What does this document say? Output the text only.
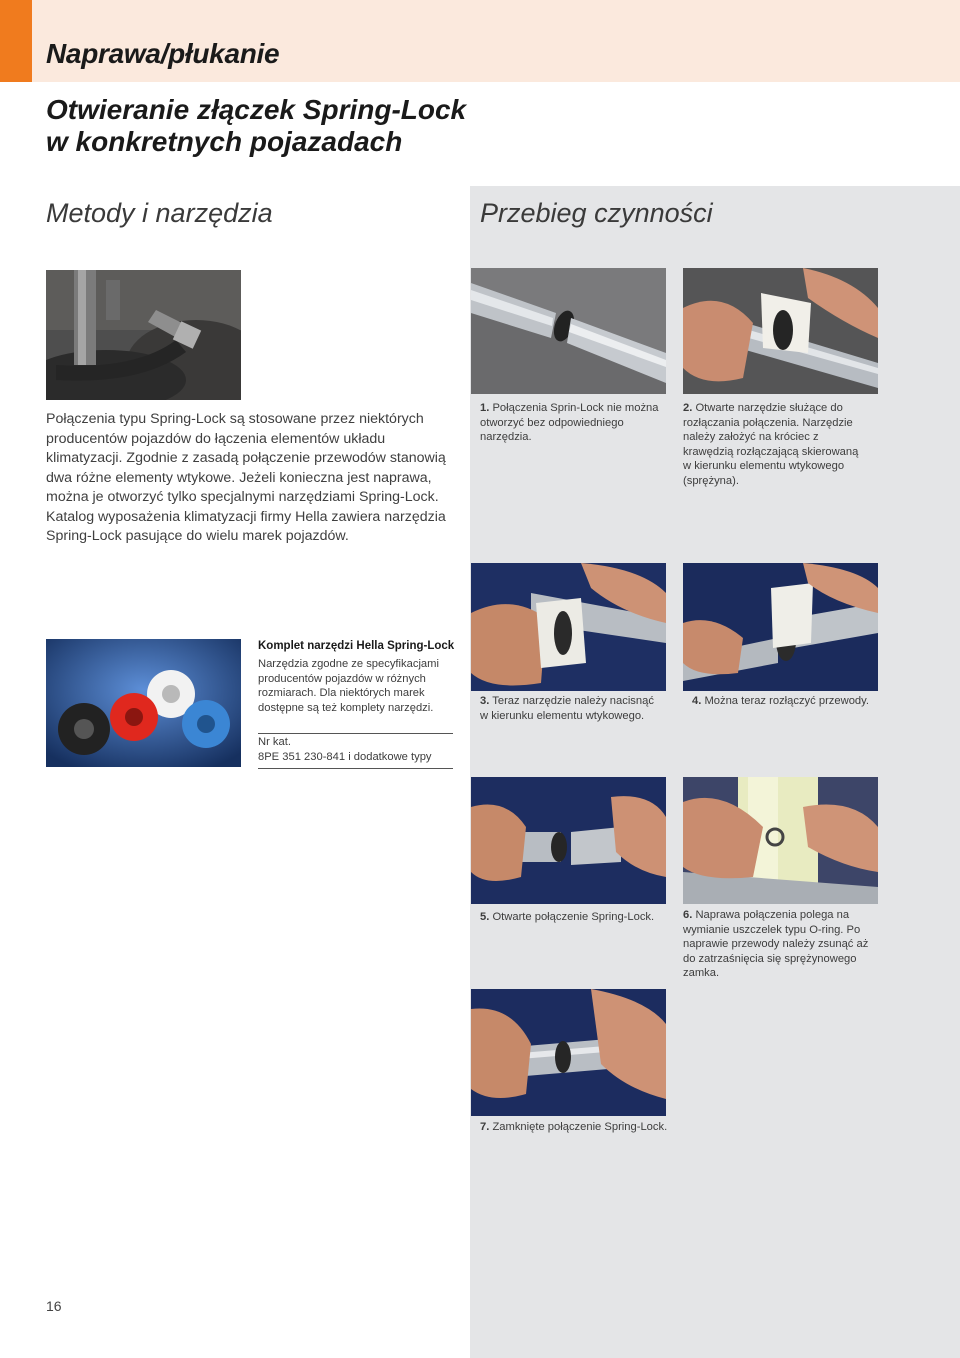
Naprawa/płukanie
Otwieranie złączek Spring-Lock
w konkretnych pojazadach
Metody i narzędzia	Przebieg czynności

Połączenia typu Spring-Lock są stosowane przez niektórych producentów pojazdów do łączenia elementów układu klimatyzacji. Zgodnie z zasadą połączenie przewodów stanowią dwa różne elementy wtykowe. Jeżeli konieczna jest naprawa, można je otworzyć tylko specjalnymi narzędziami Spring-Lock. Katalog wyposażenia klimatyzacji firmy Hella zawiera narzędzia Spring-Lock pasujące do wielu marek pojazdów.

Komplet narzędzi Hella Spring-Lock

Narzędzia zgodne ze specyfikacjami producentów pojazdów w różnych rozmiarach. Dla niektórych marek dostępne są też komplety narzędzi.

Nr kat.

8PE 351 230-841 i dodatkowe typy

1. Połączenia Sprin-Lock nie można otworzyć bez odpowiedniego narzędzia.

2. Otwarte narzędzie służące do rozłączania połączenia. Narzędzie należy założyć na króciec z krawędzią rozłączającą skierowaną w kierunku elementu wtykowego (sprężyna).

3. Teraz narzędzie należy nacisnąć w kierunku elementu wtykowego.

4. Można teraz rozłączyć przewody.

5. Otwarte połączenie Spring-Lock.	6. Naprawa połączenia polega na wymianie uszczelek typu O-ring. Po naprawie przewody należy zsunąć aż do zatrzaśnięcia się sprężynowego zamka.

7. Zamknięte połączenie Spring-Lock.

16
